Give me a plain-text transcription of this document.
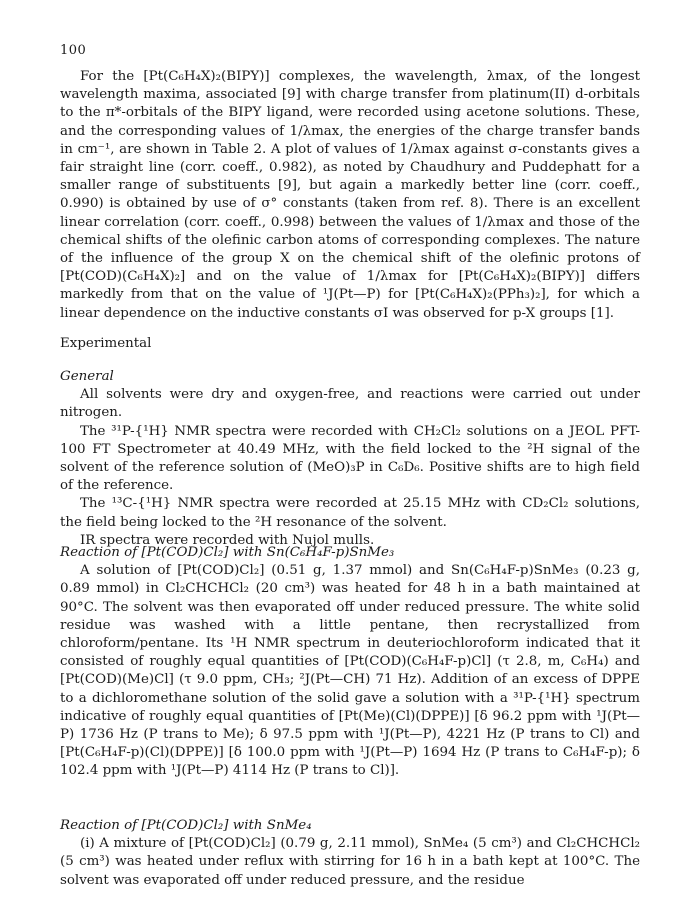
100

For the [Pt(C₆H₄X)₂(BIPY)] complexes, the wavelength, λmax, of the longest wavelength maxima, associated [9] with charge transfer from platinum(II) d-orbitals to the π*-orbitals of the BIPY ligand, were recorded using acetone solutions. These, and the corresponding values of 1/λmax, the energies of the charge transfer bands in cm⁻¹, are shown in Table 2. A plot of values of 1/λmax against σ-constants gives a fair straight line (corr. coeff., 0.982), as noted by Chaudhury and Puddephatt for a smaller range of substituents [9], but again a markedly better line (corr. coeff., 0.990) is obtained by use of σ° constants (taken from ref. 8). There is an excellent linear correlation (corr. coeff., 0.998) between the values of 1/λmax and those of the chemical shifts of the olefinic carbon atoms of corresponding complexes. The nature of the influence of the group X on the chemical shift of the olefinic protons of [Pt(COD)(C₆H₄X)₂] and on the value of 1/λmax for [Pt(C₆H₄X)₂(BIPY)] differs markedly from that on the value of ¹J(Pt—P) for [Pt(C₆H₄X)₂(PPh₃)₂], for which a linear dependence on the inductive constants σI was observed for p-X groups [1].

Experimental

General

All solvents were dry and oxygen-free, and reactions were carried out under nitrogen.

The ³¹P-{¹H} NMR spectra were recorded with CH₂Cl₂ solutions on a JEOL PFT-100 FT Spectrometer at 40.49 MHz, with the field locked to the ²H signal of the solvent of the reference solution of (MeO)₃P in C₆D₆. Positive shifts are to high field of the reference.

The ¹³C-{¹H} NMR spectra were recorded at 25.15 MHz with CD₂Cl₂ solutions, the field being locked to the ²H resonance of the solvent.

IR spectra were recorded with Nujol mulls.

Reaction of [Pt(COD)Cl₂] with Sn(C₆H₄F-p)SnMe₃

A solution of [Pt(COD)Cl₂] (0.51 g, 1.37 mmol) and Sn(C₆H₄F-p)SnMe₃ (0.23 g, 0.89 mmol) in Cl₂CHCHCl₂ (20 cm³) was heated for 48 h in a bath maintained at 90°C. The solvent was then evaporated off under reduced pressure. The white solid residue was washed with a little pentane, then recrystallized from chloroform/pentane. Its ¹H NMR spectrum in deuteriochloroform indicated that it consisted of roughly equal quantities of [Pt(COD)(C₆H₄F-p)Cl] (τ 2.8, m, C₆H₄) and [Pt(COD)(Me)Cl] (τ 9.0 ppm, CH₃; ²J(Pt—CH) 71 Hz). Addition of an excess of DPPE to a dichloromethane solution of the solid gave a solution with a ³¹P-{¹H} spectrum indicative of roughly equal quantities of [Pt(Me)(Cl)(DPPE)] [δ 96.2 ppm with ¹J(Pt—P) 1736 Hz (P trans to Me); δ 97.5 ppm with ¹J(Pt—P), 4221 Hz (P trans to Cl) and [Pt(C₆H₄F-p)(Cl)(DPPE)] [δ 100.0 ppm with ¹J(Pt—P) 1694 Hz (P trans to C₆H₄F-p); δ 102.4 ppm with ¹J(Pt—P) 4114 Hz (P trans to Cl)].

Reaction of [Pt(COD)Cl₂] with SnMe₄

(i) A mixture of [Pt(COD)Cl₂] (0.79 g, 2.11 mmol), SnMe₄ (5 cm³) and Cl₂CHCHCl₂ (5 cm³) was heated under reflux with stirring for 16 h in a bath kept at 100°C. The solvent was evaporated off under reduced pressure, and the residue
